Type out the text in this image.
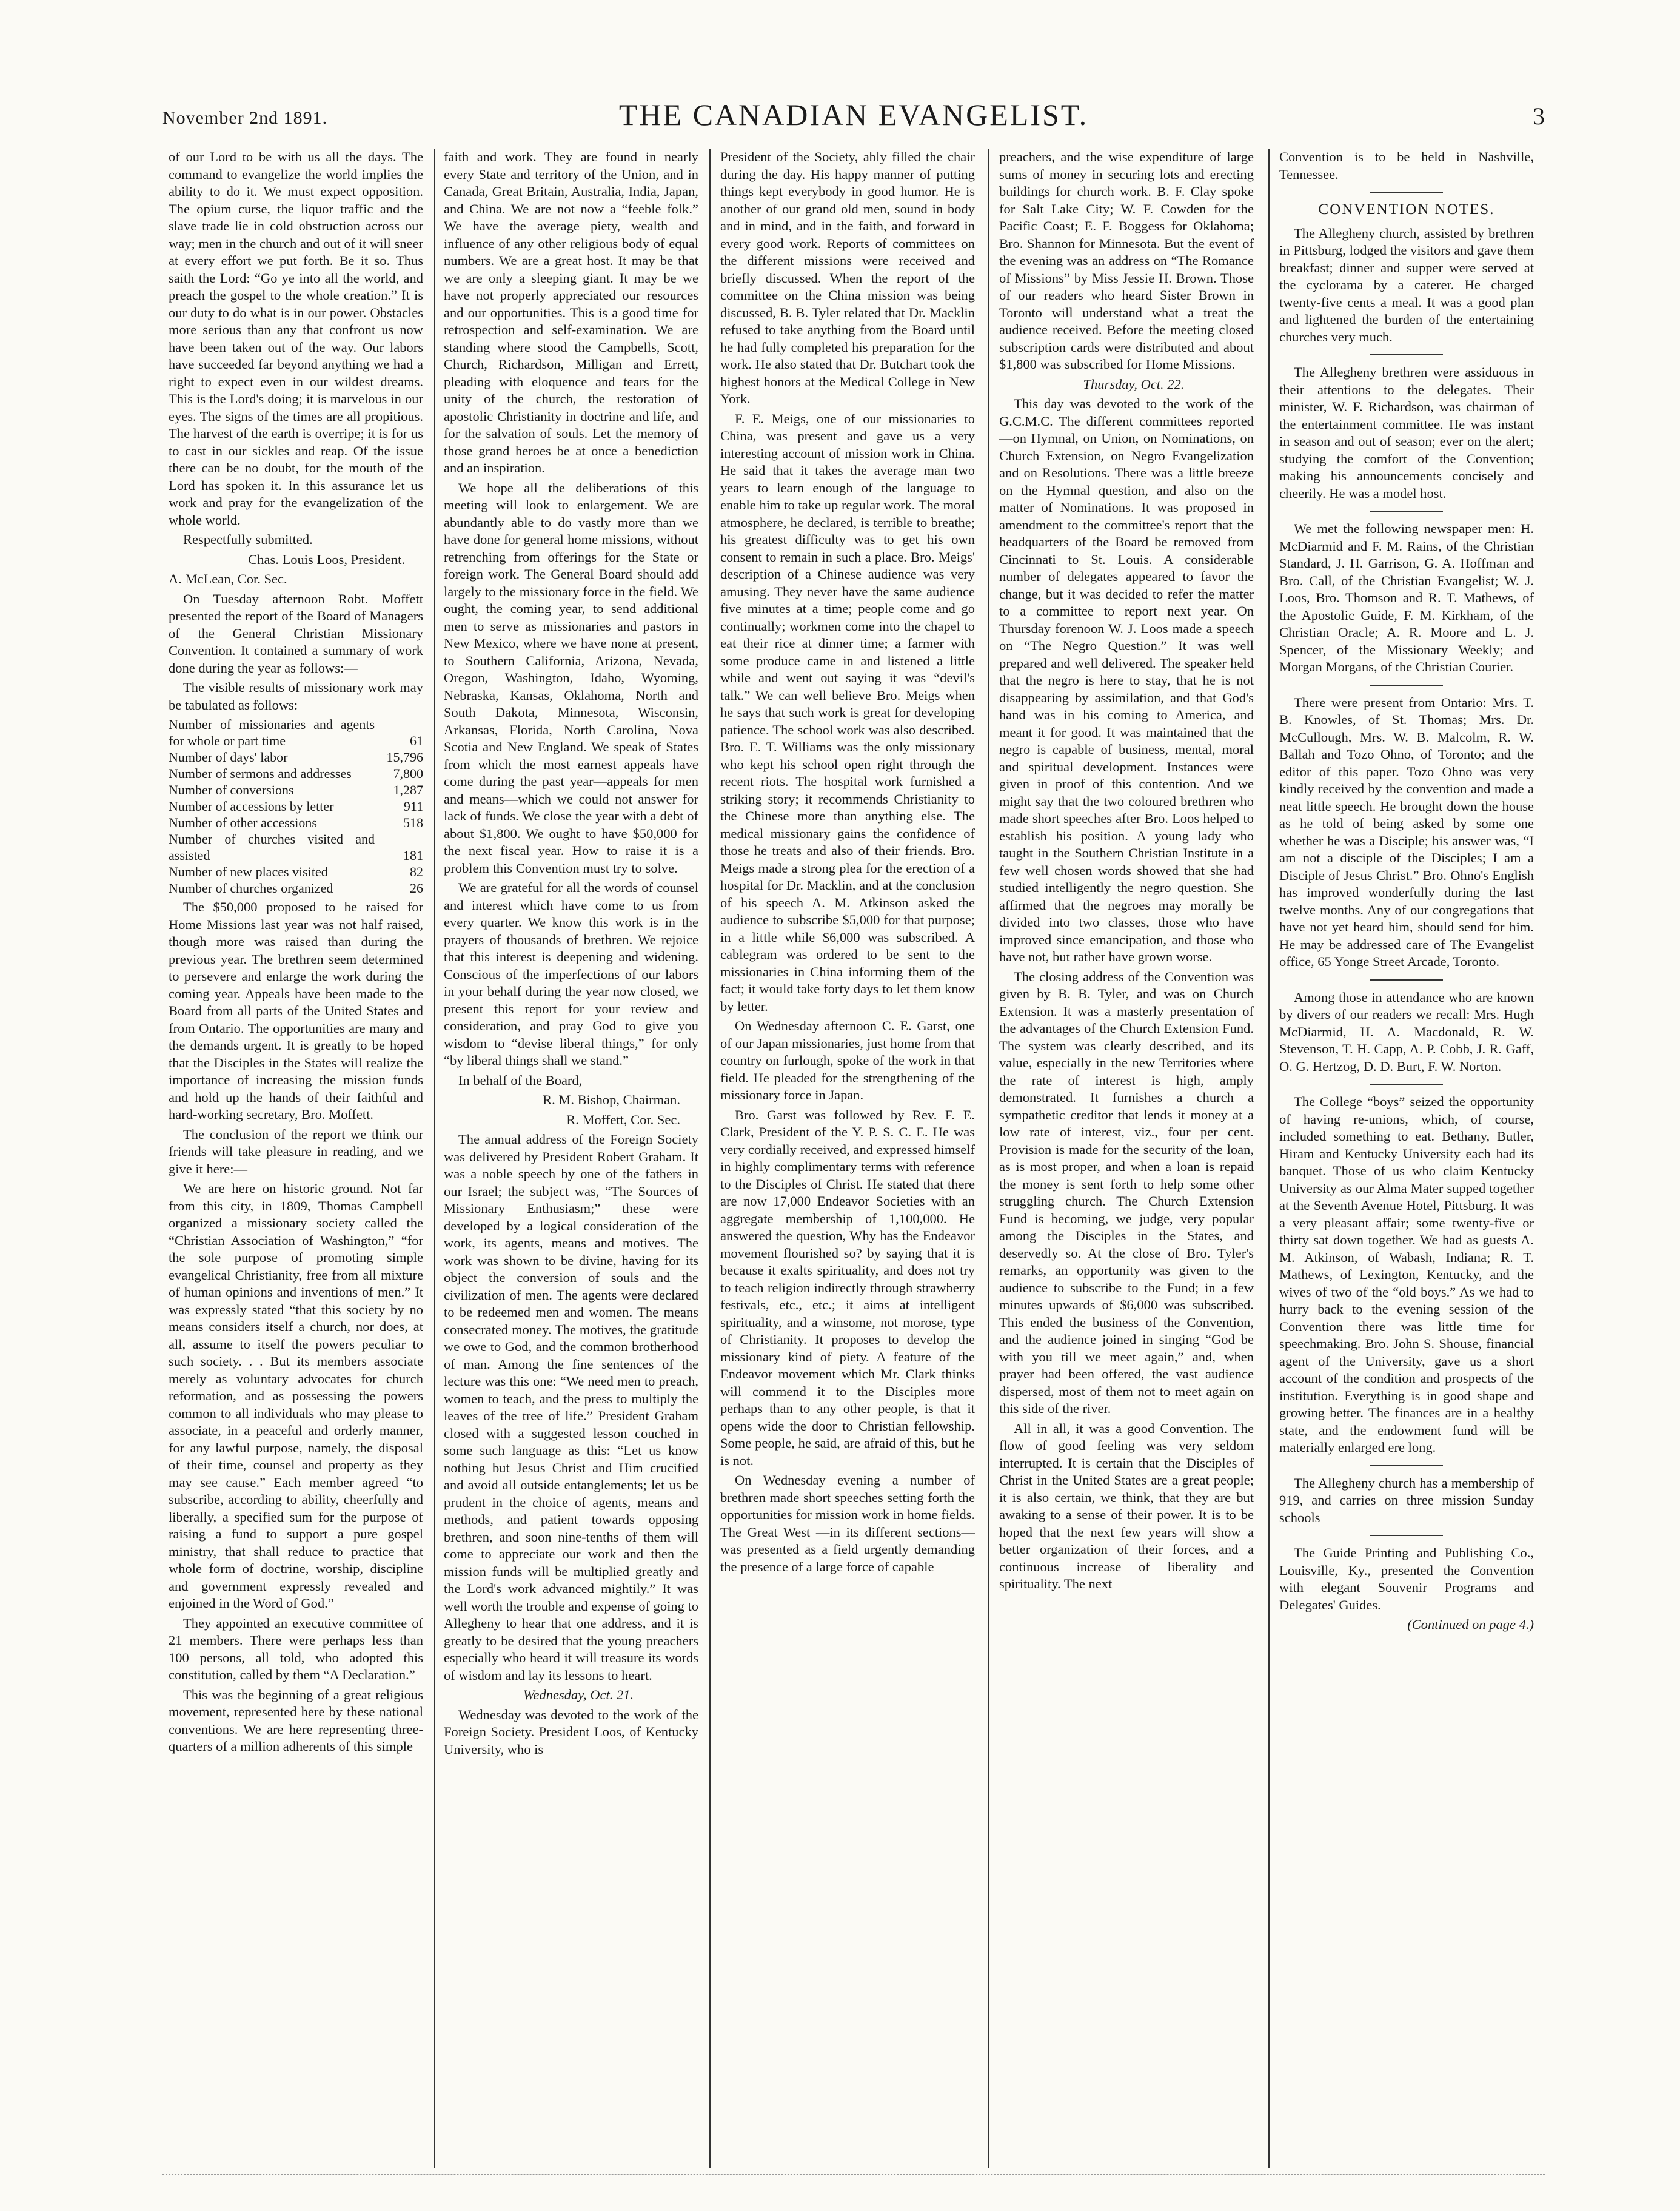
November 2nd 1891.	THE CANADIAN EVANGELIST.	3

of our Lord to be with us all the days. The command to evangelize the world implies the ability to do it. We must expect opposition. The opium curse, the liquor traffic and the slave trade lie in cold obstruction across our way; men in the church and out of it will sneer at every effort we put forth. Be it so. Thus saith the Lord: “Go ye into all the world, and preach the gospel to the whole creation.” It is our duty to do what is in our power. Obstacles more serious than any that confront us now have been taken out of the way. Our labors have succeeded far beyond anything we had a right to expect even in our wildest dreams. This is the Lord's doing; it is marvelous in our eyes. The signs of the times are all propitious. The harvest of the earth is overripe; it is for us to cast in our sickles and reap. Of the issue there can be no doubt, for the mouth of the Lord has spoken it. In this assurance let us work and pray for the evangelization of the whole world.

Respectfully submitted.

Chas. Louis Loos, President.

A. McLean, Cor. Sec.

On Tuesday afternoon Robt. Moffett presented the report of the Board of Managers of the General Christian Missionary Convention. It contained a summary of work done during the year as follows:—

The visible results of missionary work may be tabulated as follows:

Number of missionaries and agents for whole or part time	61
Number of days' labor	15,796
Number of sermons and addresses	7,800
Number of conversions	1,287
Number of accessions by letter	911
Number of other accessions	518
Number of churches visited and assisted	181
Number of new places visited	82
Number of churches organized	26

The $50,000 proposed to be raised for Home Missions last year was not half raised, though more was raised than during the previous year. The brethren seem determined to persevere and enlarge the work during the coming year. Appeals have been made to the Board from all parts of the United States and from Ontario. The opportunities are many and the demands urgent. It is greatly to be hoped that the Disciples in the States will realize the importance of increasing the mission funds and hold up the hands of their faithful and hard-working secretary, Bro. Moffett.

The conclusion of the report we think our friends will take pleasure in reading, and we give it here:—

We are here on historic ground. Not far from this city, in 1809, Thomas Campbell organized a missionary society called the “Christian Association of Washington,” “for the sole purpose of promoting simple evangelical Christianity, free from all mixture of human opinions and inventions of men.” It was expressly stated “that this society by no means considers itself a church, nor does, at all, assume to itself the powers peculiar to such society. . . But its members associate merely as voluntary advocates for church reformation, and as possessing the powers common to all individuals who may please to associate, in a peaceful and orderly manner, for any lawful purpose, namely, the disposal of their time, counsel and property as they may see cause.” Each member agreed “to subscribe, according to ability, cheerfully and liberally, a specified sum for the purpose of raising a fund to support a pure gospel ministry, that shall reduce to practice that whole form of doctrine, worship, discipline and government expressly revealed and enjoined in the Word of God.”

They appointed an executive committee of 21 members. There were perhaps less than 100 persons, all told, who adopted this constitution, called by them “A Declaration.”

This was the beginning of a great religious movement, represented here by these national conventions. We are here representing three-quarters of a million adherents of this simple

faith and work. They are found in nearly every State and territory of the Union, and in Canada, Great Britain, Australia, India, Japan, and China. We are not now a “feeble folk.” We have the average piety, wealth and influence of any other religious body of equal numbers. We are a great host. It may be that we are only a sleeping giant. It may be we have not properly appreciated our resources and our opportunities. This is a good time for retrospection and self-examination. We are standing where stood the Campbells, Scott, Church, Richardson, Milligan and Errett, pleading with eloquence and tears for the unity of the church, the restoration of apostolic Christianity in doctrine and life, and for the salvation of souls. Let the memory of those grand heroes be at once a benediction and an inspiration.

We hope all the deliberations of this meeting will look to enlargement. We are abundantly able to do vastly more than we have done for general home missions, without retrenching from offerings for the State or foreign work. The General Board should add largely to the missionary force in the field. We ought, the coming year, to send additional men to serve as missionaries and pastors in New Mexico, where we have none at present, to Southern California, Arizona, Nevada, Oregon, Washington, Idaho, Wyoming, Nebraska, Kansas, Oklahoma, North and South Dakota, Minnesota, Wisconsin, Arkansas, Florida, North Carolina, Nova Scotia and New England. We speak of States from which the most earnest appeals have come during the past year—appeals for men and means—which we could not answer for lack of funds. We close the year with a debt of about $1,800. We ought to have $50,000 for the next fiscal year. How to raise it is a problem this Convention must try to solve.

We are grateful for all the words of counsel and interest which have come to us from every quarter. We know this work is in the prayers of thousands of brethren. We rejoice that this interest is deepening and widening. Conscious of the imperfections of our labors in your behalf during the year now closed, we present this report for your review and consideration, and pray God to give you wisdom to “devise liberal things,” for only “by liberal things shall we stand.”

In behalf of the Board,

R. M. Bishop, Chairman.

R. Moffett, Cor. Sec.

The annual address of the Foreign Society was delivered by President Robert Graham. It was a noble speech by one of the fathers in our Israel; the subject was, “The Sources of Missionary Enthusiasm;” these were developed by a logical consideration of the work, its agents, means and motives. The work was shown to be divine, having for its object the conversion of souls and the civilization of men. The agents were declared to be redeemed men and women. The means consecrated money. The motives, the gratitude we owe to God, and the common brotherhood of man. Among the fine sentences of the lecture was this one: “We need men to preach, women to teach, and the press to multiply the leaves of the tree of life.” President Graham closed with a suggested lesson couched in some such language as this: “Let us know nothing but Jesus Christ and Him crucified and avoid all outside entanglements; let us be prudent in the choice of agents, means and methods, and patient towards opposing brethren, and soon nine-tenths of them will come to appreciate our work and then the mission funds will be multiplied greatly and the Lord's work advanced mightily.” It was well worth the trouble and expense of going to Allegheny to hear that one address, and it is greatly to be desired that the young preachers especially who heard it will treasure its words of wisdom and lay its lessons to heart.

Wednesday, Oct. 21.

Wednesday was devoted to the work of the Foreign Society. President Loos, of Kentucky University, who is

President of the Society, ably filled the chair during the day. His happy manner of putting things kept everybody in good humor. He is another of our grand old men, sound in body and in mind, and in the faith, and forward in every good work. Reports of committees on the different missions were received and briefly discussed. When the report of the committee on the China mission was being discussed, B. B. Tyler related that Dr. Macklin refused to take anything from the Board until he had fully completed his preparation for the work. He also stated that Dr. Butchart took the highest honors at the Medical College in New York.

F. E. Meigs, one of our missionaries to China, was present and gave us a very interesting account of mission work in China. He said that it takes the average man two years to learn enough of the language to enable him to take up regular work. The moral atmosphere, he declared, is terrible to breathe; his greatest difficulty was to get his own consent to remain in such a place. Bro. Meigs' description of a Chinese audience was very amusing. They never have the same audience five minutes at a time; people come and go continually; workmen come into the chapel to eat their rice at dinner time; a farmer with some produce came in and listened a little while and went out saying it was “devil's talk.” We can well believe Bro. Meigs when he says that such work is great for developing patience. The school work was also described. Bro. E. T. Williams was the only missionary who kept his school open right through the recent riots. The hospital work furnished a striking story; it recommends Christianity to the Chinese more than anything else. The medical missionary gains the confidence of those he treats and also of their friends. Bro. Meigs made a strong plea for the erection of a hospital for Dr. Macklin, and at the conclusion of his speech A. M. Atkinson asked the audience to subscribe $5,000 for that purpose; in a little while $6,000 was subscribed. A cablegram was ordered to be sent to the missionaries in China informing them of the fact; it would take forty days to let them know by letter.

On Wednesday afternoon C. E. Garst, one of our Japan missionaries, just home from that country on furlough, spoke of the work in that field. He pleaded for the strengthening of the missionary force in Japan.

Bro. Garst was followed by Rev. F. E. Clark, President of the Y. P. S. C. E. He was very cordially received, and expressed himself in highly complimentary terms with reference to the Disciples of Christ. He stated that there are now 17,000 Endeavor Societies with an aggregate membership of 1,100,000. He answered the question, Why has the Endeavor movement flourished so? by saying that it is because it exalts spirituality, and does not try to teach religion indirectly through strawberry festivals, etc., etc.; it aims at intelligent spirituality, and a winsome, not morose, type of Christianity. It proposes to develop the missionary kind of piety. A feature of the Endeavor movement which Mr. Clark thinks will commend it to the Disciples more perhaps than to any other people, is that it opens wide the door to Christian fellowship. Some people, he said, are afraid of this, but he is not.

On Wednesday evening a number of brethren made short speeches setting forth the opportunities for mission work in home fields. The Great West —in its different sections—was presented as a field urgently demanding the presence of a large force of capable

preachers, and the wise expenditure of large sums of money in securing lots and erecting buildings for church work. B. F. Clay spoke for Salt Lake City; W. F. Cowden for the Pacific Coast; E. F. Boggess for Oklahoma; Bro. Shannon for Minnesota. But the event of the evening was an address on “The Romance of Missions” by Miss Jessie H. Brown. Those of our readers who heard Sister Brown in Toronto will understand what a treat the audience received. Before the meeting closed subscription cards were distributed and about $1,800 was subscribed for Home Missions.

Thursday, Oct. 22.

This day was devoted to the work of the G.C.M.C. The different committees reported—on Hymnal, on Union, on Nominations, on Church Extension, on Negro Evangelization and on Resolutions. There was a little breeze on the Hymnal question, and also on the matter of Nominations. It was proposed in amendment to the committee's report that the headquarters of the Board be removed from Cincinnati to St. Louis. A considerable number of delegates appeared to favor the change, but it was decided to refer the matter to a committee to report next year. On Thursday forenoon W. J. Loos made a speech on “The Negro Question.” It was well prepared and well delivered. The speaker held that the negro is here to stay, that he is not disappearing by assimilation, and that God's hand was in his coming to America, and meant it for good. It was maintained that the negro is capable of business, mental, moral and spiritual development. Instances were given in proof of this contention. And we might say that the two coloured brethren who made short speeches after Bro. Loos helped to establish his position. A young lady who taught in the Southern Christian Institute in a few well chosen words showed that she had studied intelligently the negro question. She affirmed that the negroes may morally be divided into two classes, those who have improved since emancipation, and those who have not, but rather have grown worse.

The closing address of the Convention was given by B. B. Tyler, and was on Church Extension. It was a masterly presentation of the advantages of the Church Extension Fund. The system was clearly described, and its value, especially in the new Territories where the rate of interest is high, amply demonstrated. It furnishes a church a sympathetic creditor that lends it money at a low rate of interest, viz., four per cent. Provision is made for the security of the loan, as is most proper, and when a loan is repaid the money is sent forth to help some other struggling church. The Church Extension Fund is becoming, we judge, very popular among the Disciples in the States, and deservedly so. At the close of Bro. Tyler's remarks, an opportunity was given to the audience to subscribe to the Fund; in a few minutes upwards of $6,000 was subscribed. This ended the business of the Convention, and the audience joined in singing “God be with you till we meet again,” and, when prayer had been offered, the vast audience dispersed, most of them not to meet again on this side of the river.

All in all, it was a good Convention. The flow of good feeling was very seldom interrupted. It is certain that the Disciples of Christ in the United States are a great people; it is also certain, we think, that they are but awaking to a sense of their power. It is to be hoped that the next few years will show a better organization of their forces, and a continuous increase of liberality and spirituality. The next

Convention is to be held in Nashville, Tennessee.

CONVENTION NOTES.

The Allegheny church, assisted by brethren in Pittsburg, lodged the visitors and gave them breakfast; dinner and supper were served at the cyclorama by a caterer. He charged twenty-five cents a meal. It was a good plan and lightened the burden of the entertaining churches very much.

The Allegheny brethren were assiduous in their attentions to the delegates. Their minister, W. F. Richardson, was chairman of the entertainment committee. He was instant in season and out of season; ever on the alert; studying the comfort of the Convention; making his announcements concisely and cheerily. He was a model host.

We met the following newspaper men: H. McDiarmid and F. M. Rains, of the Christian Standard, J. H. Garrison, G. A. Hoffman and Bro. Call, of the Christian Evangelist; W. J. Loos, Bro. Thomson and R. T. Mathews, of the Apostolic Guide, F. M. Kirkham, of the Christian Oracle; A. R. Moore and L. J. Spencer, of the Missionary Weekly; and Morgan Morgans, of the Christian Courier.

There were present from Ontario: Mrs. T. B. Knowles, of St. Thomas; Mrs. Dr. McCullough, Mrs. W. B. Malcolm, R. W. Ballah and Tozo Ohno, of Toronto; and the editor of this paper. Tozo Ohno was very kindly received by the convention and made a neat little speech. He brought down the house as he told of being asked by some one whether he was a Disciple; his answer was, “I am not a disciple of the Disciples; I am a Disciple of Jesus Christ.” Bro. Ohno's English has improved wonderfully during the last twelve months. Any of our congregations that have not yet heard him, should send for him. He may be addressed care of The Evangelist office, 65 Yonge Street Arcade, Toronto.

Among those in attendance who are known by divers of our readers we recall: Mrs. Hugh McDiarmid, H. A. Macdonald, R. W. Stevenson, T. H. Capp, A. P. Cobb, J. R. Gaff, O. G. Hertzog, D. D. Burt, F. W. Norton.

The College “boys” seized the opportunity of having re-unions, which, of course, included something to eat. Bethany, Butler, Hiram and Kentucky University each had its banquet. Those of us who claim Kentucky University as our Alma Mater supped together at the Seventh Avenue Hotel, Pittsburg. It was a very pleasant affair; some twenty-five or thirty sat down together. We had as guests A. M. Atkinson, of Wabash, Indiana; R. T. Mathews, of Lexington, Kentucky, and the wives of two of the “old boys.” As we had to hurry back to the evening session of the Convention there was little time for speechmaking. Bro. John S. Shouse, financial agent of the University, gave us a short account of the condition and prospects of the institution. Everything is in good shape and growing better. The finances are in a healthy state, and the endowment fund will be materially enlarged ere long.

The Allegheny church has a membership of 919, and carries on three mission Sunday schools

The Guide Printing and Publishing Co., Louisville, Ky., presented the Convention with elegant Souvenir Programs and Delegates' Guides.

(Continued on page 4.)
